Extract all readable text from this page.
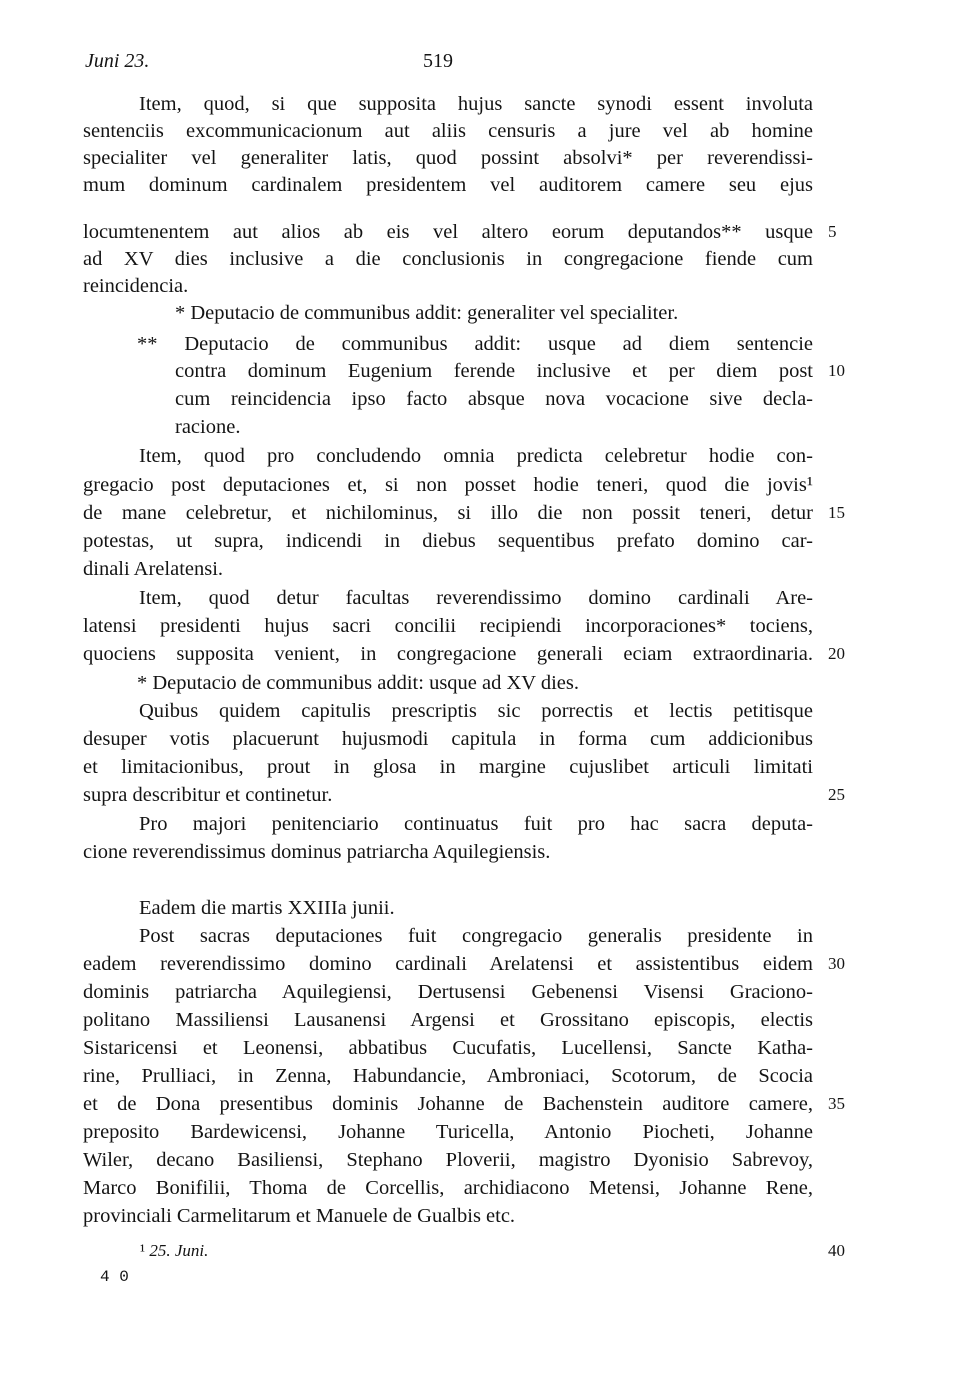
Juni 23.	519
Item, quod, si que supposita hujus sancte synodi essent involuta
sentenciis excommunicacionum aut aliis censuris a jure vel ab homine
specialiter vel generaliter latis, quod possint absolvi* per reverendissi-
mum dominum cardinalem presidentem vel auditorem camere seu ejus
locumtenentem aut alios ab eis vel altero eorum deputandos** usque
ad XV dies inclusive a die conclusionis in congregacione fiende cum
reincidencia.
* Deputacio de communibus addit: generaliter vel specialiter.
** Deputacio de communibus addit: usque ad diem sentencie
contra dominum Eugenium ferende inclusive et per diem post
cum reincidencia ipso facto absque nova vocacione sive decla-
racione.
Item, quod pro concludendo omnia predicta celebretur hodie con-
gregacio post deputaciones et, si non posset hodie teneri, quod die jovis¹
de mane celebretur, et nichilominus, si illo die non possit teneri, detur
potestas, ut supra, indicendi in diebus sequentibus prefato domino car-
dinali Arelatensi.
Item, quod detur facultas reverendissimo domino cardinali Are-
latensi presidenti hujus sacri concilii recipiendi incorporaciones* tociens,
quociens supposita venient, in congregacione generali eciam extraordinaria.
* Deputacio de communibus addit: usque ad XV dies.
Quibus quidem capitulis prescriptis sic porrectis et lectis petitisque
desuper votis placuerunt hujusmodi capitula in forma cum addicionibus
et limitacionibus, prout in glosa in margine cujuslibet articuli limitati
supra describitur et continetur.
Pro majori penitenciario continuatus fuit pro hac sacra deputa-
cione reverendissimus dominus patriarcha Aquilegiensis.
Eadem die martis XXIIIa junii.
Post sacras deputaciones fuit congregacio generalis presidente in
eadem reverendissimo domino cardinali Arelatensi et assistentibus eidem
dominis patriarcha Aquilegiensi, Dertusensi Gebenensi Visensi Graciono-
politano Massiliensi Lausanensi Argensi et Grossitano episcopis, electis
Sistaricensi et Leonensi, abbatibus Cucufatis, Lucellensi, Sancte Katha-
rine, Prulliaci, in Zenna, Habundancie, Ambroniaci, Scotorum, de Scocia
et de Dona presentibus dominis Johanne de Bachenstein auditore camere,
preposito Bardewicensi, Johanne Turicella, Antonio Piocheti, Johanne
Wiler, decano Basiliensi, Stephano Ploverii, magistro Dyonisio Sabrevoy,
Marco Bonifilii, Thoma de Corcellis, archidiacono Metensi, Johanne Rene,
provinciali Carmelitarum et Manuele de Gualbis etc.
5
10
15
20
25
30
35
40
¹ 25. Juni.
4 0
